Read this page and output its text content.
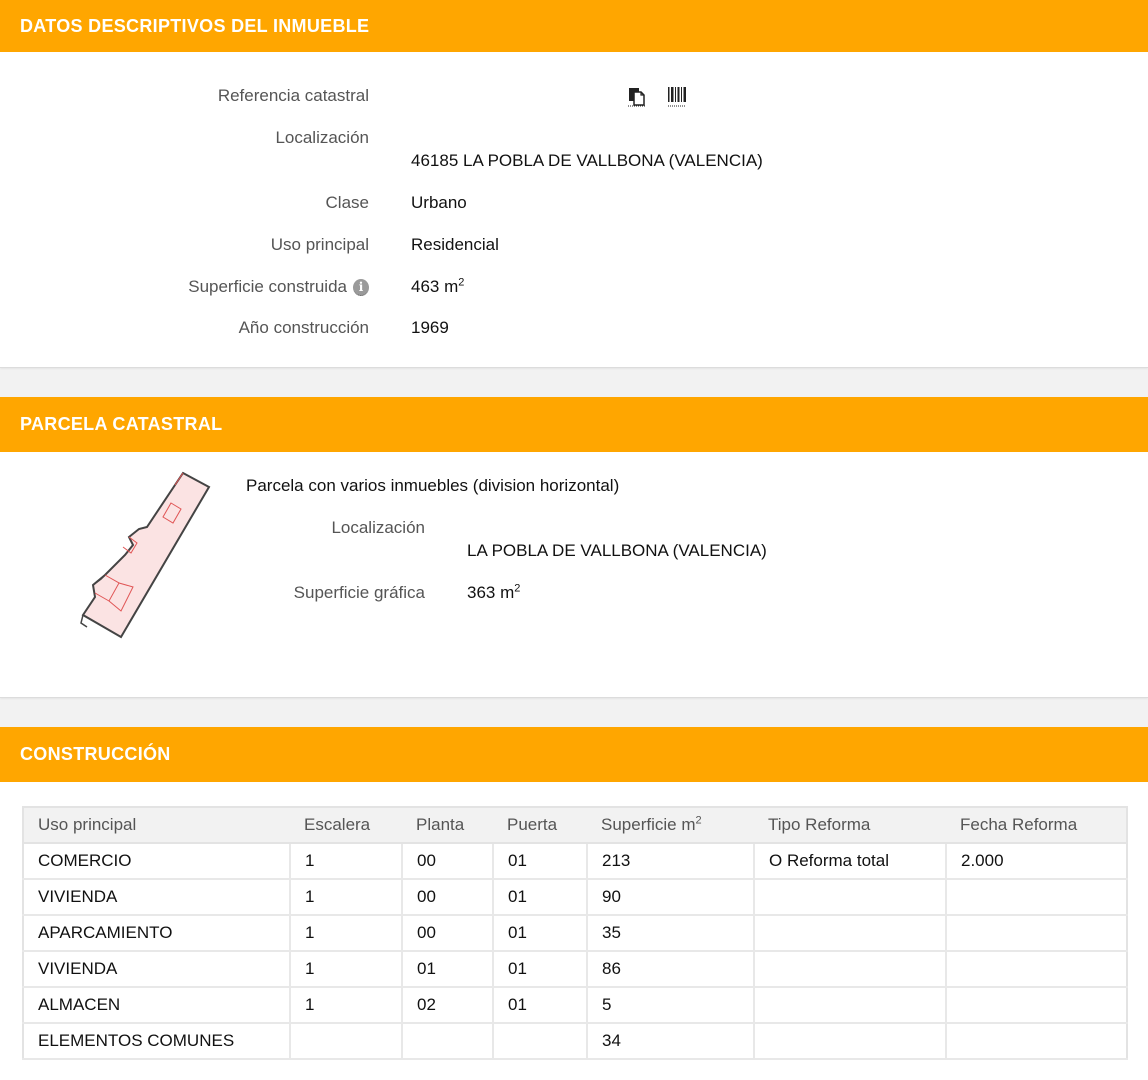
DATOS DESCRIPTIVOS DEL INMUEBLE
Referencia catastral
Localización
46185 LA POBLA DE VALLBONA (VALENCIA)
Clase Urbano
Uso principal Residencial
Superficie construida i	463 $m^2$
Año construcción 1969
PARCELA CATASTRAL
Parcela con varios inmuebles (division horizontal)
Localización
LA POBLA DE VALLBONA (VALENCIA)
Superficie gráfica 363 $m^2$
CONSTRUCCIÓN
Uso principal	Escalera	Planta	Puerta	Superficie $m^2$	Tipo Reforma	Fecha Reforma
COMERCIO	1	00	01	213	O Reforma total	2.000
VIVIENDA	1	00	01	90		
APARCAMIENTO	1	00	01	35		
VIVIENDA	1	01	01	86		
ALMACEN	1	02	01	5		
ELEMENTOS COMUNES				34		
